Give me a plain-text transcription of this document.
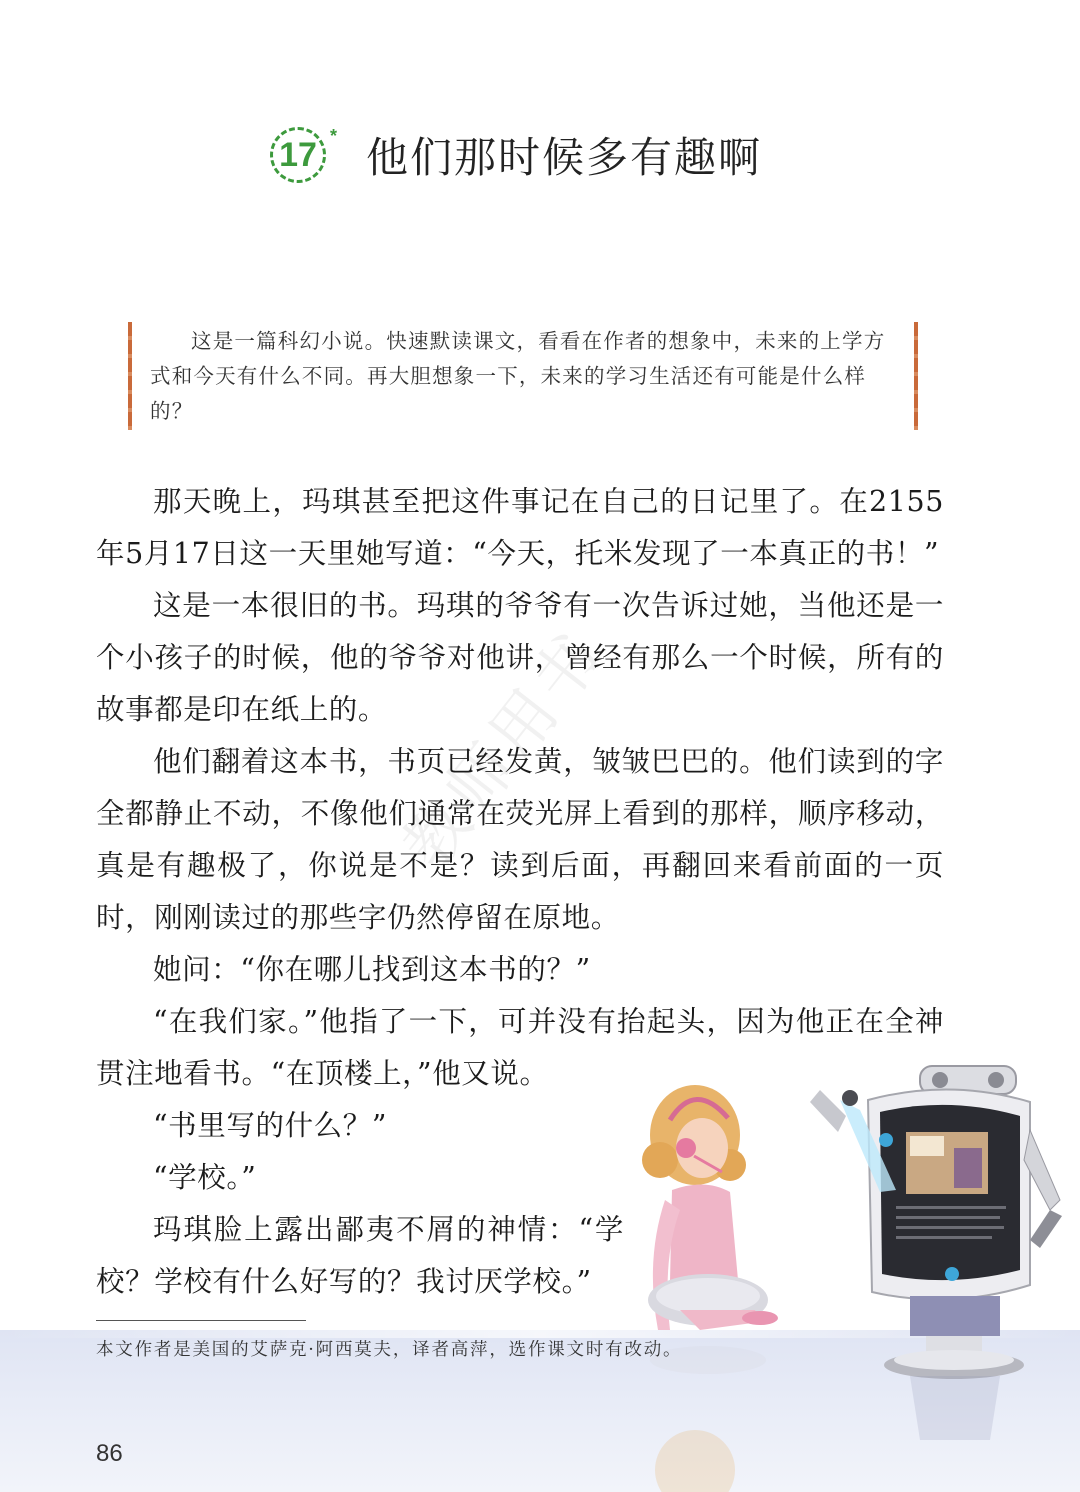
17 * 他们那时候多有趣啊
这是一篇科幻小说。快速默读课文，看看在作者的想象中，未来的上学方式和今天有什么不同。再大胆想象一下，未来的学习生活还有可能是什么样的？
教师用书

那天晚上，玛琪甚至把这件事记在自己的日记里了。在2155年5月17日这一天里她写道：“今天，托米发现了一本真正的书！”

这是一本很旧的书。玛琪的爷爷有一次告诉过她，当他还是一个小孩子的时候，他的爷爷对他讲，曾经有那么一个时候，所有的故事都是印在纸上的。

他们翻着这本书，书页已经发黄，皱皱巴巴的。他们读到的字全都静止不动，不像他们通常在荧光屏上看到的那样，顺序移动，真是有趣极了，你说是不是？读到后面，再翻回来看前面的一页时，刚刚读过的那些字仍然停留在原地。

她问：“你在哪儿找到这本书的？”

“在我们家。”他指了一下，可并没有抬起头，因为他正在全神贯注地看书。“在顶楼上，”他又说。

“书里写的什么？”

“学校。”

玛琪脸上露出鄙夷不屑的神情：“学校？学校有什么好写的？我讨厌学校。”

本文作者是美国的艾萨克·阿西莫夫，译者高萍，选作课文时有改动。
86
